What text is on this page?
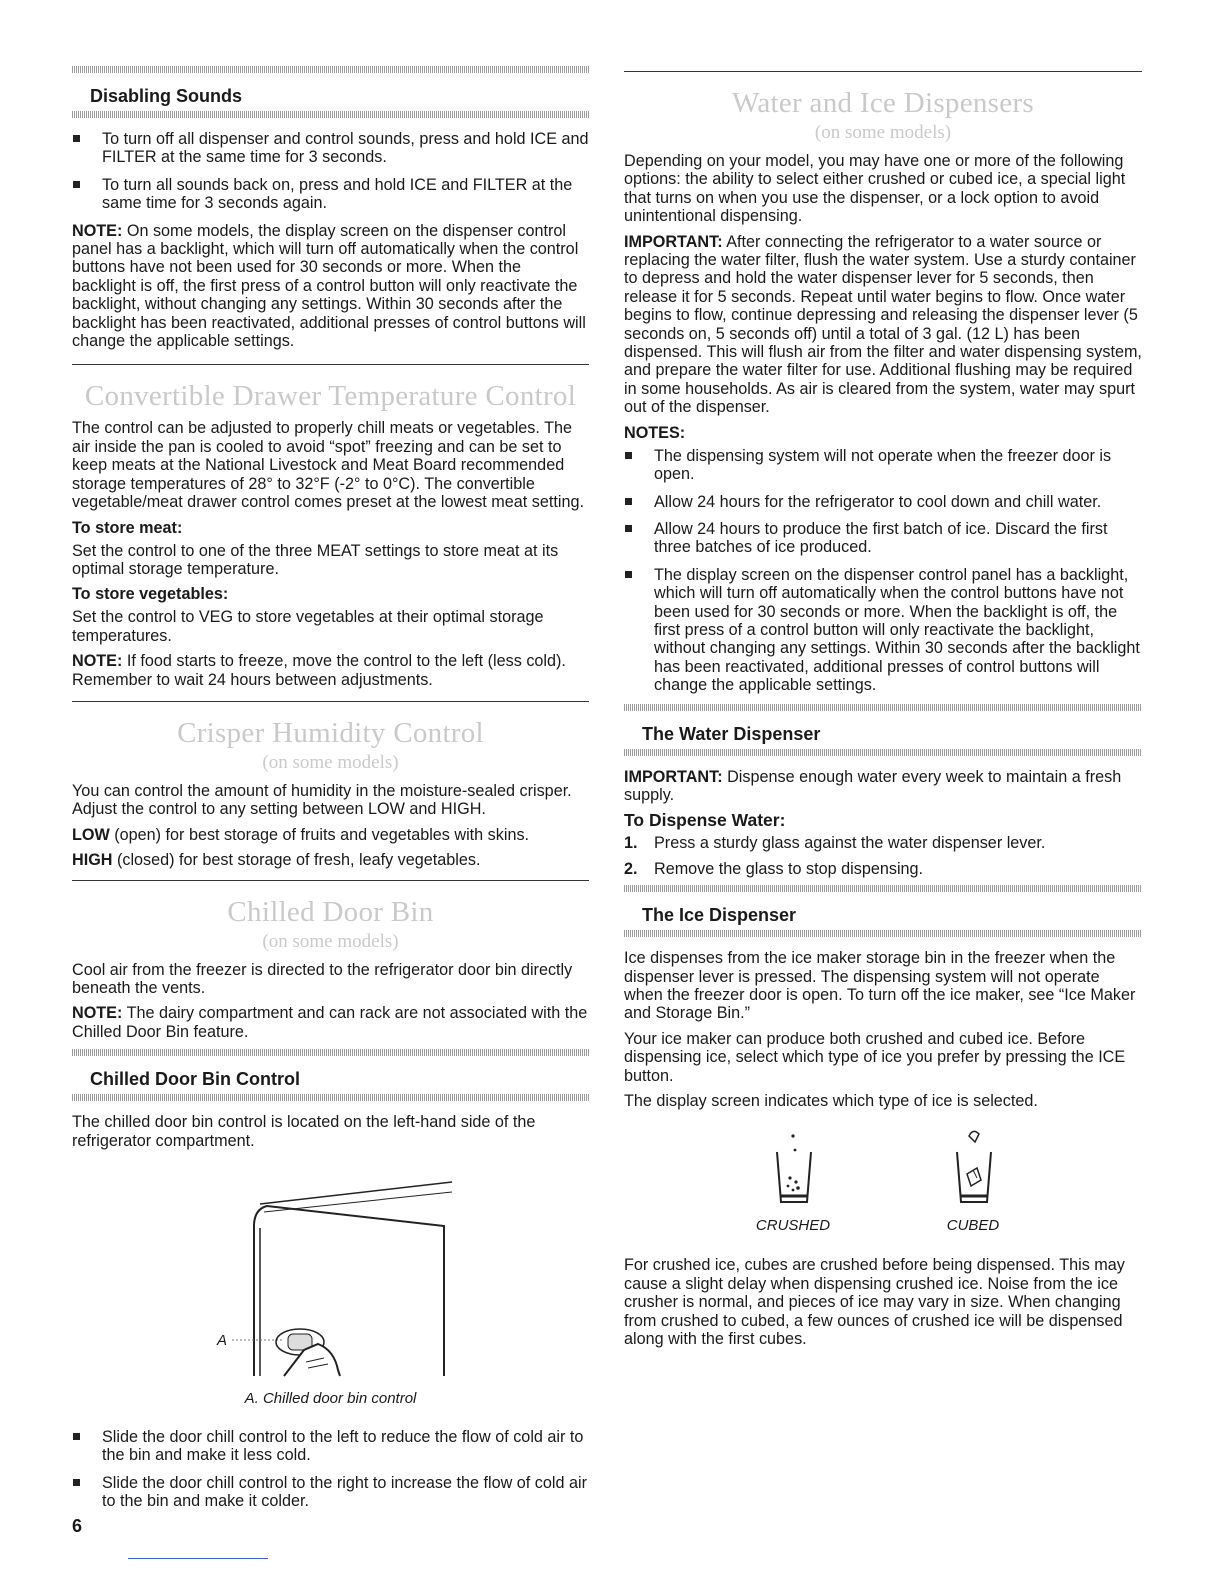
Disabling Sounds
To turn off all dispenser and control sounds, press and hold ICE and FILTER at the same time for 3 seconds.
To turn all sounds back on, press and hold ICE and FILTER at the same time for 3 seconds again.

NOTE: On some models, the display screen on the dispenser control panel has a backlight, which will turn off automatically when the control buttons have not been used for 30 seconds or more. When the backlight is off, the first press of a control button will only reactivate the backlight, without changing any settings. Within 30 seconds after the backlight has been reactivated, additional presses of control buttons will change the applicable settings.

Convertible Drawer Temperature Control

The control can be adjusted to properly chill meats or vegetables. The air inside the pan is cooled to avoid “spot” freezing and can be set to keep meats at the National Livestock and Meat Board recommended storage temperatures of 28° to 32°F (-2° to 0°C). The convertible vegetable/meat drawer control comes preset at the lowest meat setting.

To store meat:

Set the control to one of the three MEAT settings to store meat at its optimal storage temperature.

To store vegetables:

Set the control to VEG to store vegetables at their optimal storage temperatures.

NOTE: If food starts to freeze, move the control to the left (less cold). Remember to wait 24 hours between adjustments.

Crisper Humidity Control
(on some models)

You can control the amount of humidity in the moisture-sealed crisper. Adjust the control to any setting between LOW and HIGH.

LOW (open) for best storage of fruits and vegetables with skins.

HIGH (closed) for best storage of fresh, leafy vegetables.

Chilled Door Bin
(on some models)

Cool air from the freezer is directed to the refrigerator door bin directly beneath the vents.

NOTE: The dairy compartment and can rack are not associated with the Chilled Door Bin feature.

Chilled Door Bin Control

The chilled door bin control is located on the left-hand side of the refrigerator compartment.

A
A. Chilled door bin control
Slide the door chill control to the left to reduce the flow of cold air to the bin and make it less cold.
Slide the door chill control to the right to increase the flow of cold air to the bin and make it colder.
Water and Ice Dispensers
(on some models)

Depending on your model, you may have one or more of the following options: the ability to select either crushed or cubed ice, a special light that turns on when you use the dispenser, or a lock option to avoid unintentional dispensing.

IMPORTANT: After connecting the refrigerator to a water source or replacing the water filter, flush the water system. Use a sturdy container to depress and hold the water dispenser lever for 5 seconds, then release it for 5 seconds. Repeat until water begins to flow. Once water begins to flow, continue depressing and releasing the dispenser lever (5 seconds on, 5 seconds off) until a total of 3 gal. (12 L) has been dispensed. This will flush air from the filter and water dispensing system, and prepare the water filter for use. Additional flushing may be required in some households. As air is cleared from the system, water may spurt out of the dispenser.

NOTES:
The dispensing system will not operate when the freezer door is open.
Allow 24 hours for the refrigerator to cool down and chill water.
Allow 24 hours to produce the first batch of ice. Discard the first three batches of ice produced.
The display screen on the dispenser control panel has a backlight, which will turn off automatically when the control buttons have not been used for 30 seconds or more. When the backlight is off, the first press of a control button will only reactivate the backlight, without changing any settings. Within 30 seconds after the backlight has been reactivated, additional presses of control buttons will change the applicable settings.
The Water Dispenser

IMPORTANT: Dispense enough water every week to maintain a fresh supply.

To Dispense Water:
1. Press a sturdy glass against the water dispenser lever.
2. Remove the glass to stop dispensing.
The Ice Dispenser

Ice dispenses from the ice maker storage bin in the freezer when the dispenser lever is pressed. The dispensing system will not operate when the freezer door is open. To turn off the ice maker, see “Ice Maker and Storage Bin.”

Your ice maker can produce both crushed and cubed ice. Before dispensing ice, select which type of ice you prefer by pressing the ICE button.

The display screen indicates which type of ice is selected.

CRUSHED	CUBED

For crushed ice, cubes are crushed before being dispensed. This may cause a slight delay when dispensing crushed ice. Noise from the ice crusher is normal, and pieces of ice may vary in size. When changing from crushed to cubed, a few ounces of crushed ice will be dispensed along with the first cubes.

6
